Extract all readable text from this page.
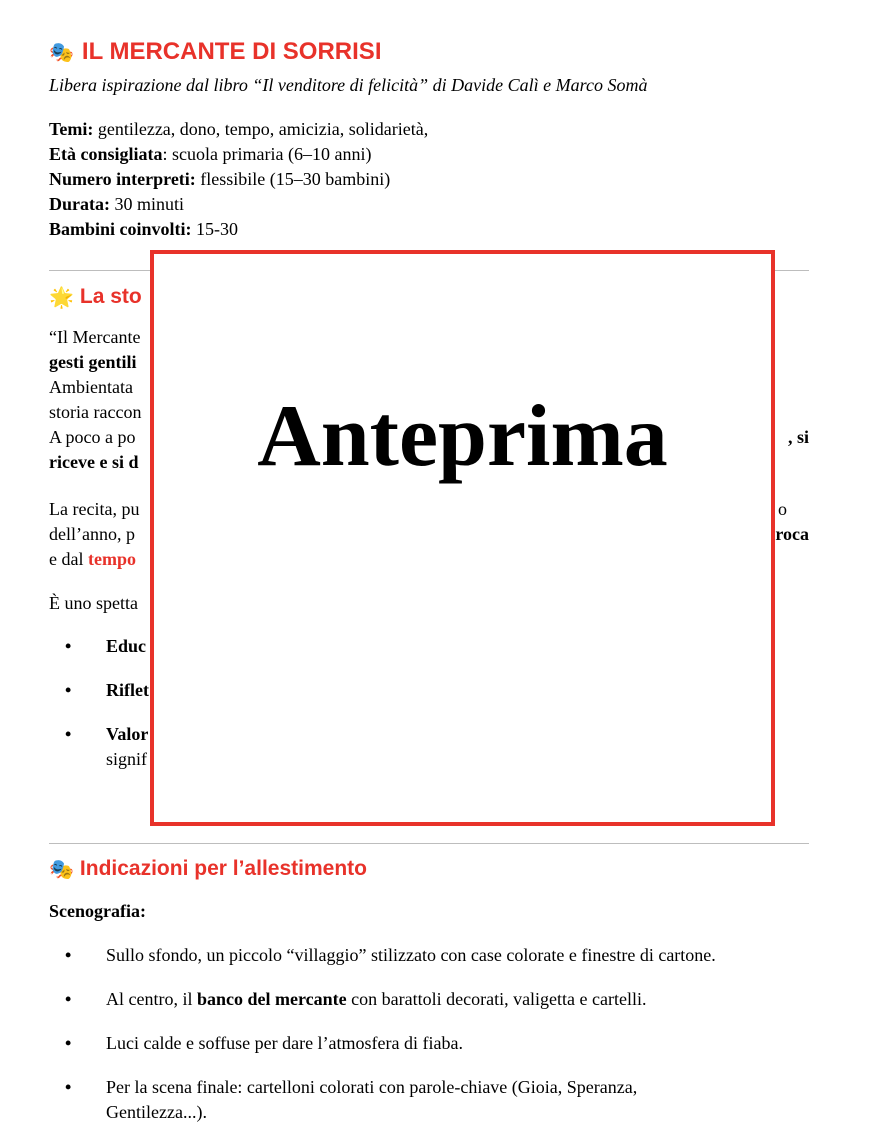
🎭 IL MERCANTE DI SORRISI
Libera ispirazione dal libro “Il venditore di felicità” di Davide Calì e Marco Somà
Temi: gentilezza, dono, tempo, amicizia, solidarietà,
Età consigliata: scuola primaria (6–10 anni)
Numero interpreti: flessibile (15–30 bambini)
Durata: 30 minuti
Bambini coinvolti: 15-30
🌟 La sto
“Il Mercante
gesti gentili
Ambientata
storia raccon
A poco a po	, si
riceve e si d
La recita, pu	o
dell’anno, p	roca
e dal tempo
È uno spetta
• Educ
• Riflet
• Valor
signif
🎭 Indicazioni per l’allestimento
Scenografia:
• Sullo sfondo, un piccolo “villaggio” stilizzato con case colorate e finestre di cartone.
• Al centro, il banco del mercante con barattoli decorati, valigetta e cartelli.
• Luci calde e soffuse per dare l’atmosfera di fiaba.
• Per la scena finale: cartelloni colorati con parole-chiave (Gioia, Speranza,
Gentilezza...).
Anteprima
